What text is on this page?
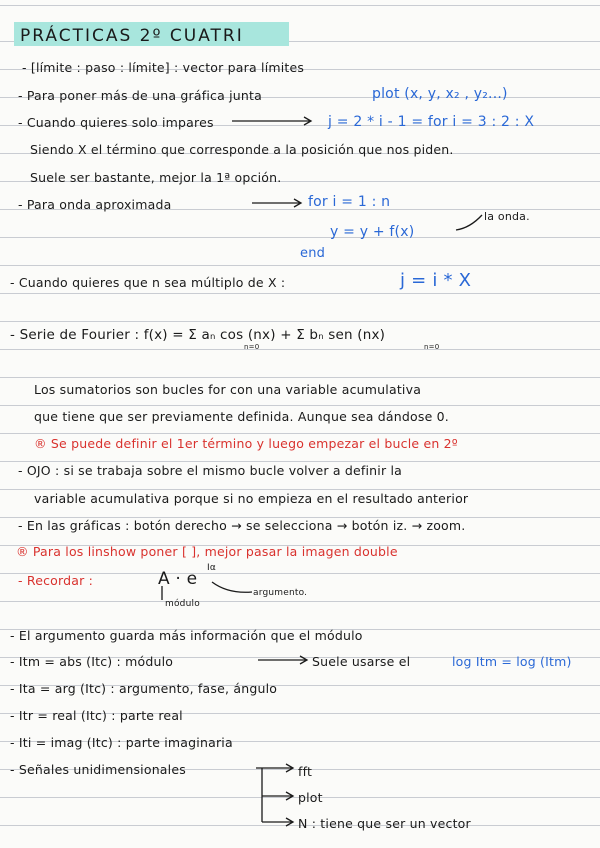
PRÁCTICAS 2º CUATRI
- [límite : paso : límite] : vector para límites
- Para poner más de una gráfica junta	plot (x, y, x₂ , y₂...)
- Cuando quieres solo impares	j = 2 * i - 1 = for i = 3 : 2 : X
Siendo X el término que corresponde a la posición que nos piden.
Suele ser bastante, mejor la 1ª opción.
- Para onda aproximada	for i = 1 : n
y = y + f(x)
la onda.
end
- Cuando quieres que n sea múltiplo de X :	j = i * X
- Serie de Fourier : f(x) = Σ aₙ cos (nx) + Σ bₙ sen (nx)
n=0	n=0
Los sumatorios son bucles for con una variable acumulativa
que tiene que ser previamente definida. Aunque sea dándose 0.
® Se puede definir el 1er término y luego empezar el bucle en 2º
- OJO : si se trabaja sobre el mismo bucle volver a definir la
variable acumulativa porque si no empieza en el resultado anterior
- En las gráficas : botón derecho → se selecciona → botón iz. → zoom.
® Para los linshow poner [ ], mejor pasar la imagen double
- Recordar :	A · e
Iα
argumento.
módulo
- El argumento guarda más información que el módulo
- Itm = abs (Itc) : módulo	Suele usarse el	log Itm = log (Itm)
- Ita = arg (Itc) : argumento, fase, ángulo
- Itr = real (Itc) : parte real
- Iti = imag (Itc) : parte imaginaria
- Señales unidimensionales	fft
plot
N : tiene que ser un vector
